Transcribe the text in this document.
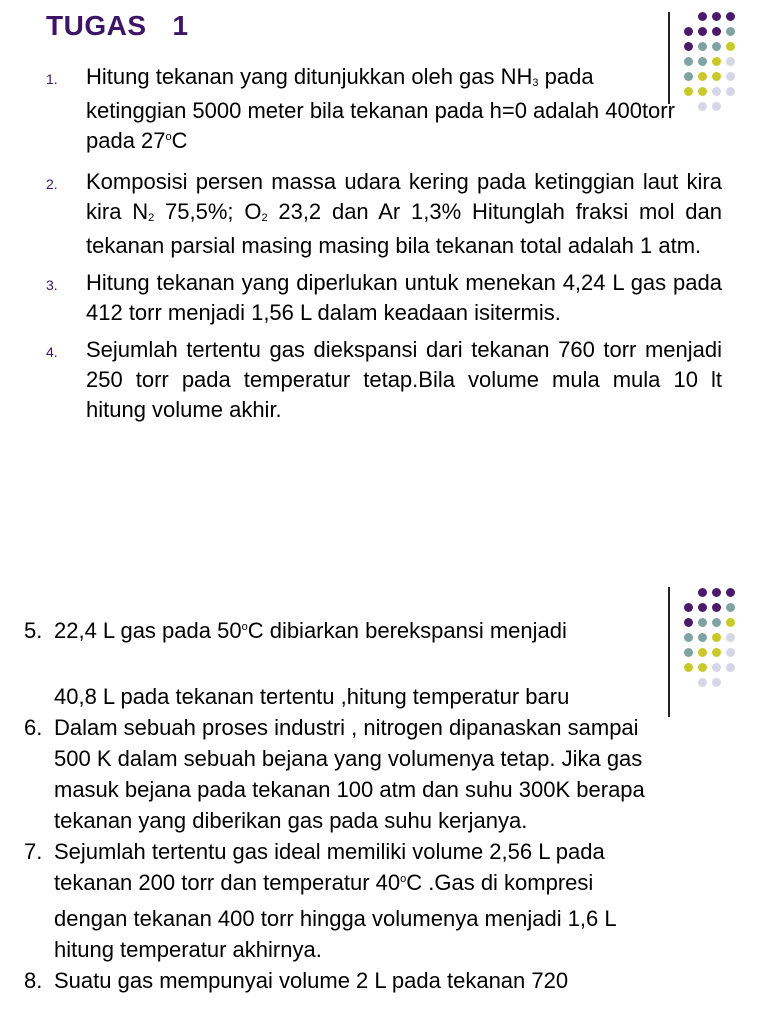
TUGAS 1
1.	Hitung tekanan yang ditunjukkan oleh gas $NH_3$ pada ketinggian 5000 meter bila tekanan pada h=0 adalah 400torr pada 27$^o$C
2.	Komposisi persen massa udara kering pada ketinggian laut kira kira $N_2$ 75,5%; $O_2$ 23,2 dan Ar 1,3% Hitunglah fraksi mol dan tekanan parsial masing masing bila tekanan total adalah 1 atm.
3.	Hitung tekanan yang diperlukan untuk menekan 4,24 L gas pada 412 torr menjadi 1,56 L dalam keadaan isitermis.
4.	Sejumlah tertentu gas diekspansi dari tekanan 760 torr menjadi 250 torr pada temperatur tetap.Bila volume mula mula 10 lt hitung volume akhir.
5. 22,4 L gas pada 50$^o$C dibiarkan berekspansi menjadi
40,8 L pada tekanan tertentu ,hitung temperatur baru
6. Dalam sebuah proses industri , nitrogen dipanaskan sampai 500 K dalam sebuah bejana yang volumenya tetap. Jika gas masuk bejana pada tekanan 100 atm dan suhu 300K berapa tekanan yang diberikan gas pada suhu kerjanya.
7. Sejumlah tertentu gas ideal memiliki volume 2,56 L pada tekanan 200 torr dan temperatur 40$^o$C .Gas di kompresi dengan tekanan 400 torr hingga volumenya menjadi 1,6 L hitung temperatur akhirnya.
8. Suatu gas mempunyai volume 2 L pada tekanan 720
